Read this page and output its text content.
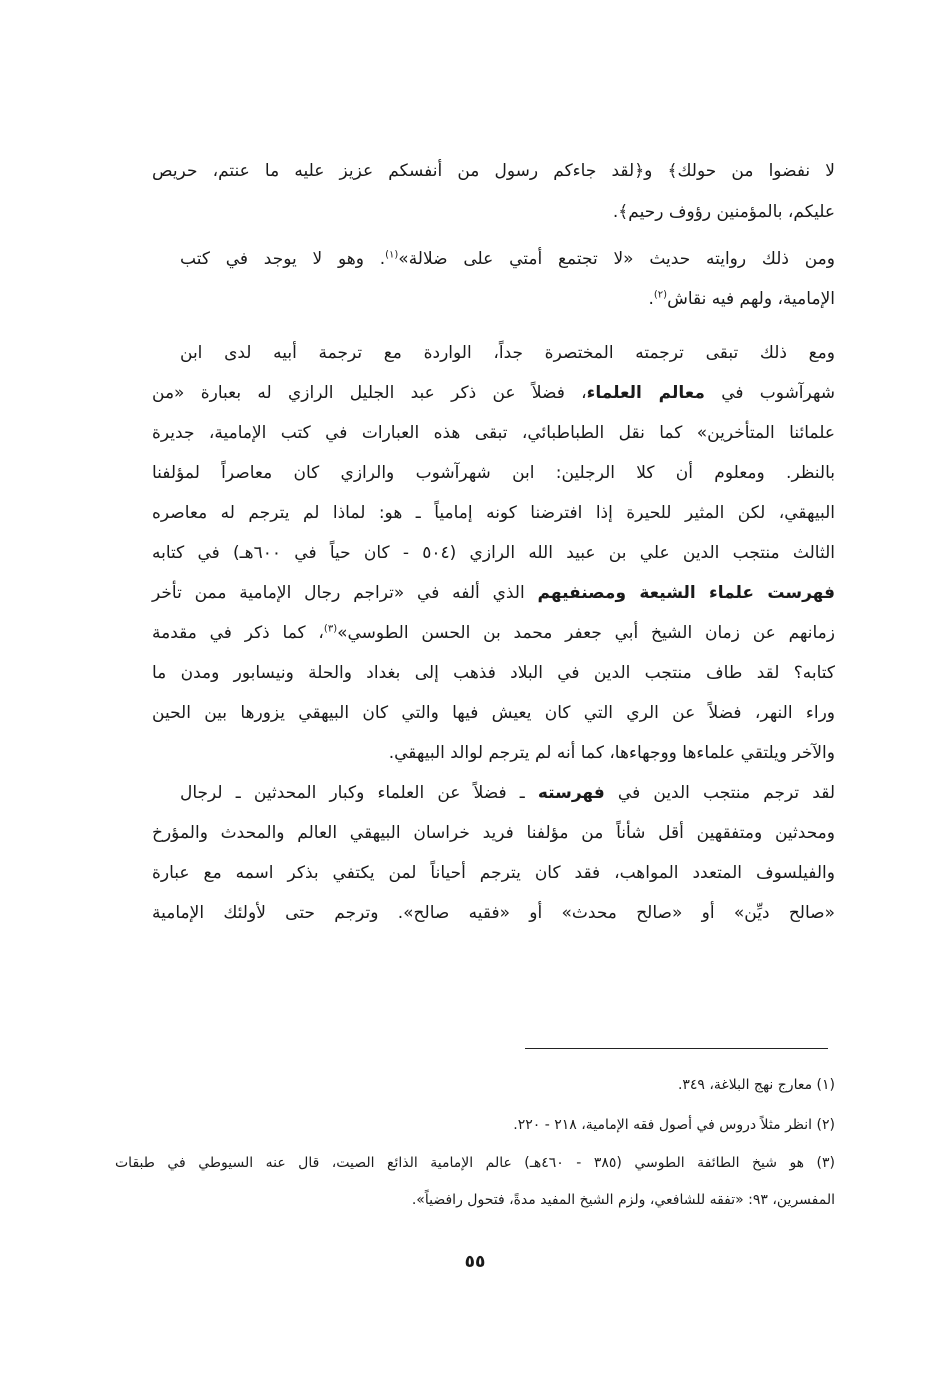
لا نفضوا من حولك﴾ و﴿لقد جاءكم رسول من أنفسكم عزيز عليه ما عنتم، حريص
عليكم، بالمؤمنين رؤوف رحيم﴾.
ومن ذلك روايته حديث «لا تجتمع أمتي على ضلالة»$^{(١)}$. وهو لا يوجد في كتب
الإمامية، ولهم فيه نقاش$^{(٢)}$.
ومع ذلك تبقى ترجمته المختصرة جداً، الواردة مع ترجمة أبيه لدى ابن
شهرآشوب في معالم العلماء، فضلاً عن ذكر عبد الجليل الرازي له بعبارة «من
علمائنا المتأخرين» كما نقل الطباطبائي، تبقى هذه العبارات في كتب الإمامية، جديرة
بالنظر. ومعلوم أن كلا الرجلين: ابن شهرآشوب والرازي كان معاصراً لمؤلفنا
البيهقي، لكن المثير للحيرة إذا افترضنا كونه إمامياً ـ هو: لماذا لم يترجم له معاصره
الثالث منتجب الدين علي بن عبيد الله الرازي (٥٠٤ - كان حياً في ٦٠٠هـ) في كتابه
فهرست علماء الشيعة ومصنفيهم الذي ألفه في «تراجم رجال الإمامية ممن تأخر
زمانهم عن زمان الشيخ أبي جعفر محمد بن الحسن الطوسي»$^{(٣)}$، كما ذكر في مقدمة
كتابه؟ لقد طاف منتجب الدين في البلاد فذهب إلى بغداد والحلة ونيسابور ومدن ما
وراء النهر، فضلاً عن الري التي كان يعيش فيها والتي كان البيهقي يزورها بين الحين
والآخر ويلتقي علماءها ووجهاءها، كما أنه لم يترجم لوالد البيهقي.
لقد ترجم منتجب الدين في فهرسته ـ فضلاً عن العلماء وكبار المحدثين ـ لرجال
ومحدثين ومتفقهين أقل شأناً من مؤلفنا فريد خراسان البيهقي العالم والمحدث والمؤرخ
والفيلسوف المتعدد المواهب، فقد كان يترجم أحياناً لمن يكتفي بذكر اسمه مع عبارة
«صالح ديِّن» أو «صالح محدث» أو «فقيه صالح». وترجم حتى لأولئك الإمامية
(١) معارج نهج البلاغة، ٣٤٩.
(٢) انظر مثلاً دروس في أصول فقه الإمامية، ٢١٨ - ٢٢٠.
(٣) هو شيخ الطائفة الطوسي (٣٨٥ - ٤٦٠هـ) عالم الإمامية الذائع الصيت، قال عنه السيوطي في طبقات
المفسرين، ٩٣: «تفقه للشافعي، ولزم الشيخ المفيد مدةً، فتحول رافضياً».
٥٥
